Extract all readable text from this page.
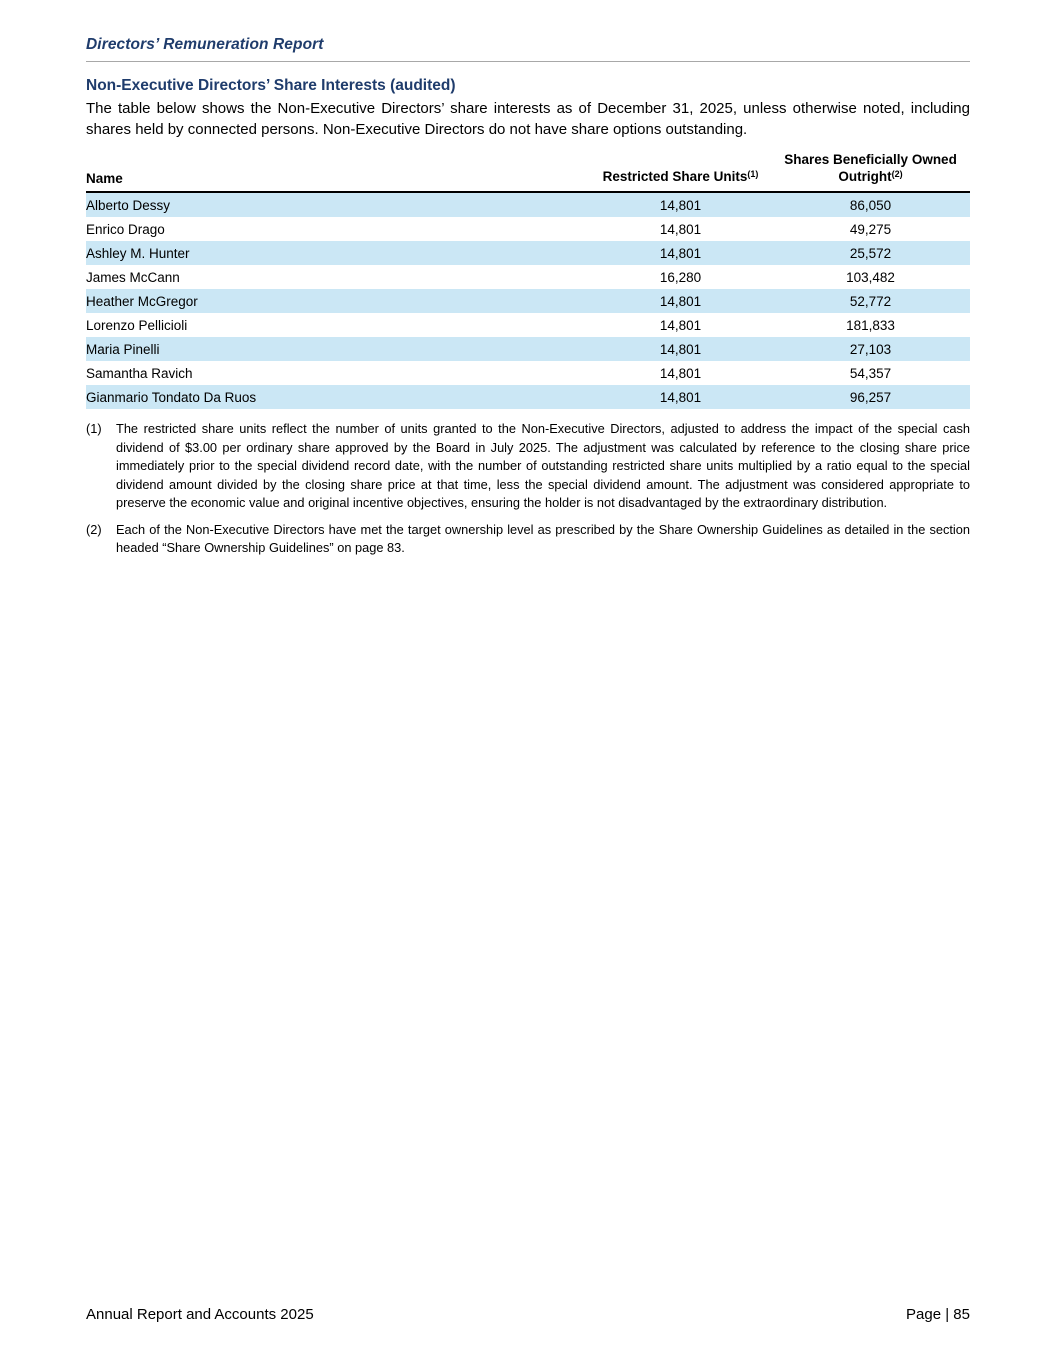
Directors’ Remuneration Report
Non-Executive Directors’ Share Interests (audited)

The table below shows the Non-Executive Directors’ share interests as of December 31, 2025, unless otherwise noted, including shares held by connected persons. Non-Executive Directors do not have share options outstanding.

Name	Restricted Share Units$^{(1)}$	Shares Beneficially Owned
Outright$^{(2)}$
Alberto Dessy	14,801	86,050
Enrico Drago	14,801	49,275
Ashley M. Hunter	14,801	25,572
James McCann	16,280	103,482
Heather McGregor	14,801	52,772
Lorenzo Pellicioli	14,801	181,833
Maria Pinelli	14,801	27,103
Samantha Ravich	14,801	54,357
Gianmario Tondato Da Ruos	14,801	96,257
(1)	The restricted share units reflect the number of units granted to the Non-Executive Directors, adjusted to address the impact of the special cash dividend of $3.00 per ordinary share approved by the Board in July 2025. The adjustment was calculated by reference to the closing share price immediately prior to the special dividend record date, with the number of outstanding restricted share units multiplied by a ratio equal to the special dividend amount divided by the closing share price at that time, less the special dividend amount. The adjustment was considered appropriate to preserve the economic value and original incentive objectives, ensuring the holder is not disadvantaged by the extraordinary distribution.
(2)	Each of the Non-Executive Directors have met the target ownership level as prescribed by the Share Ownership Guidelines as detailed in the section headed “Share Ownership Guidelines” on page 83.
Annual Report and Accounts 2025	Page | 85
